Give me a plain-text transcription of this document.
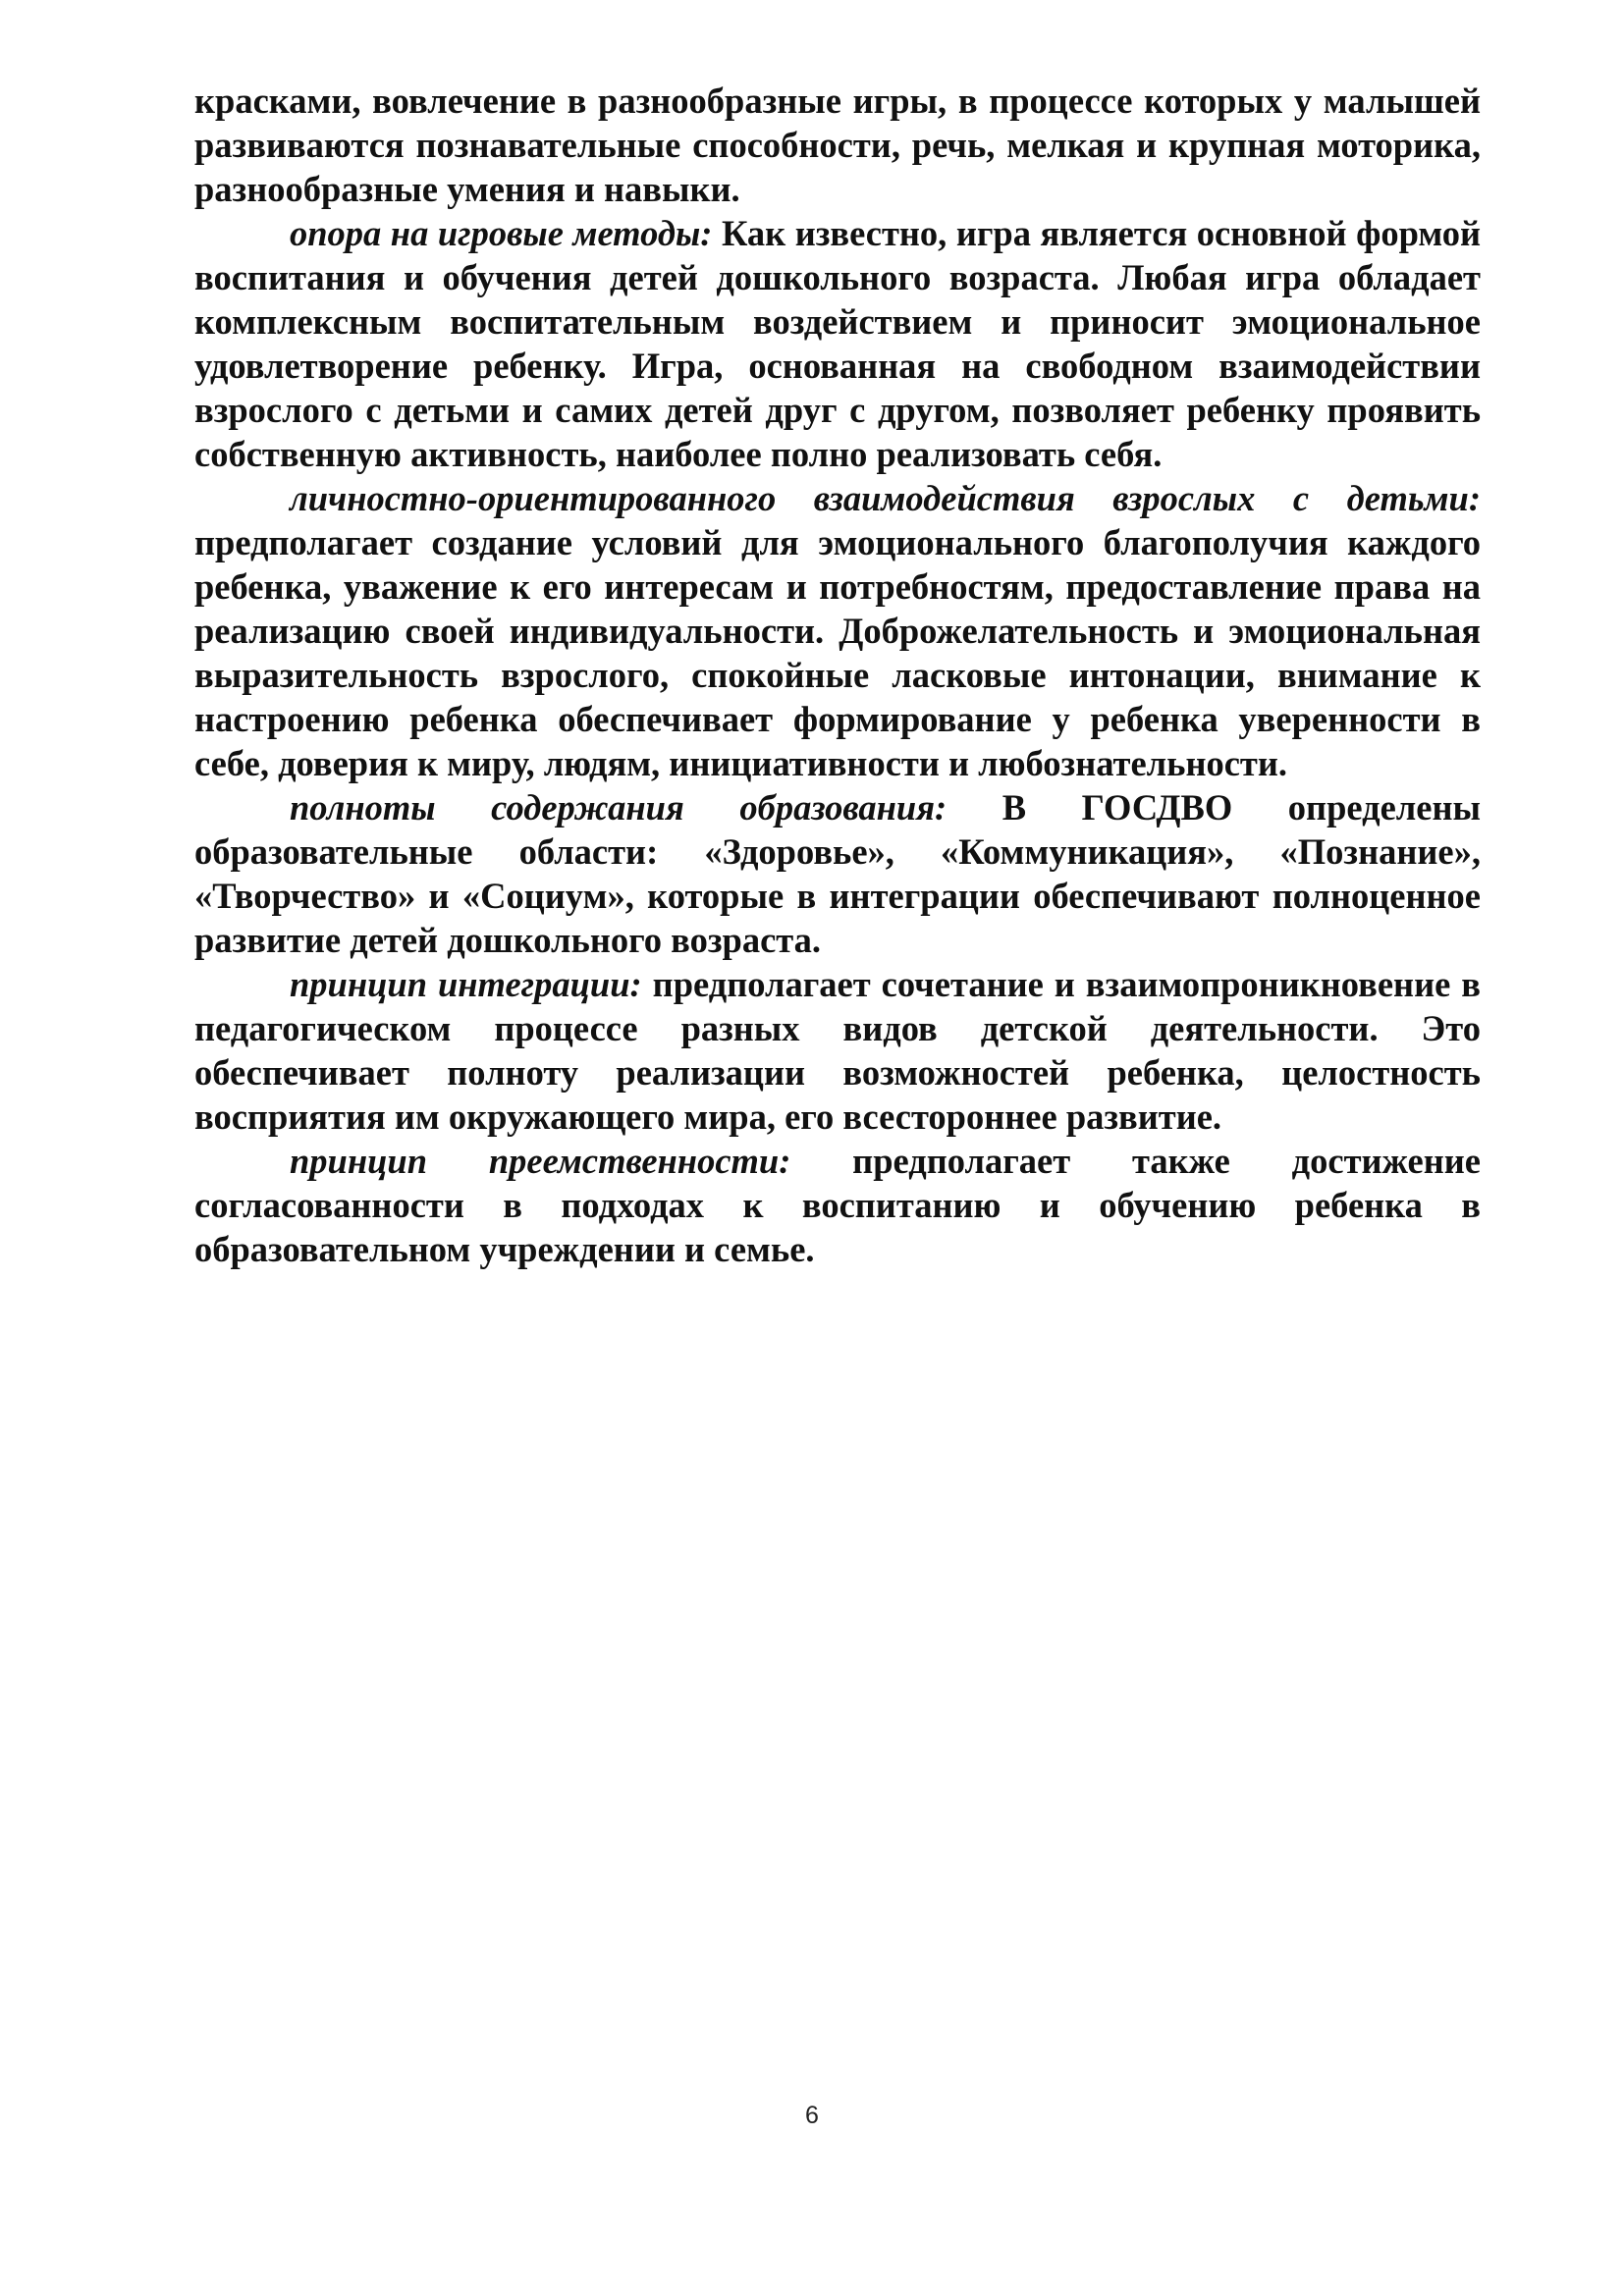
красками, вовлечение в разнообразные игры, в процессе которых у малышей развиваются познавательные способности, речь, мелкая и крупная моторика, разнообразные умения и навыки.

опора на игровые методы: Как известно, игра является основной формой воспитания и обучения детей дошкольного возраста. Любая игра обладает комплексным воспитательным воздействием и приносит эмоциональное удовлетворение ребенку. Игра, основанная на свободном взаимодействии взрослого с детьми и самих детей друг с другом, позволяет ребенку проявить собственную активность, наиболее полно реализовать себя.

личностно-ориентированного взаимодействия взрослых с детьми: предполагает создание условий для эмоционального благополучия каждого ребенка, уважение к его интересам и потребностям, предоставление права на реализацию своей индивидуальности. Доброжелательность и эмоциональная выразительность взрослого, спокойные ласковые интонации, внимание к настроению ребенка обеспечивает формирование у ребенка уверенности в себе, доверия к миру, людям, инициативности и любознательности.

полноты содержания образования: В ГОСДВО определены образовательные области: «Здоровье», «Коммуникация», «Познание», «Творчество» и «Социум», которые в интеграции обеспечивают полноценное развитие детей дошкольного возраста.

принцип интеграции: предполагает сочетание и взаимопроникновение в педагогическом процессе разных видов детской деятельности. Это обеспечивает полноту реализации возможностей ребенка, целостность восприятия им окружающего мира, его всестороннее развитие.

принцип преемственности: предполагает также достижение согласованности в подходах к воспитанию и обучению ребенка в образовательном учреждении и семье.

6
